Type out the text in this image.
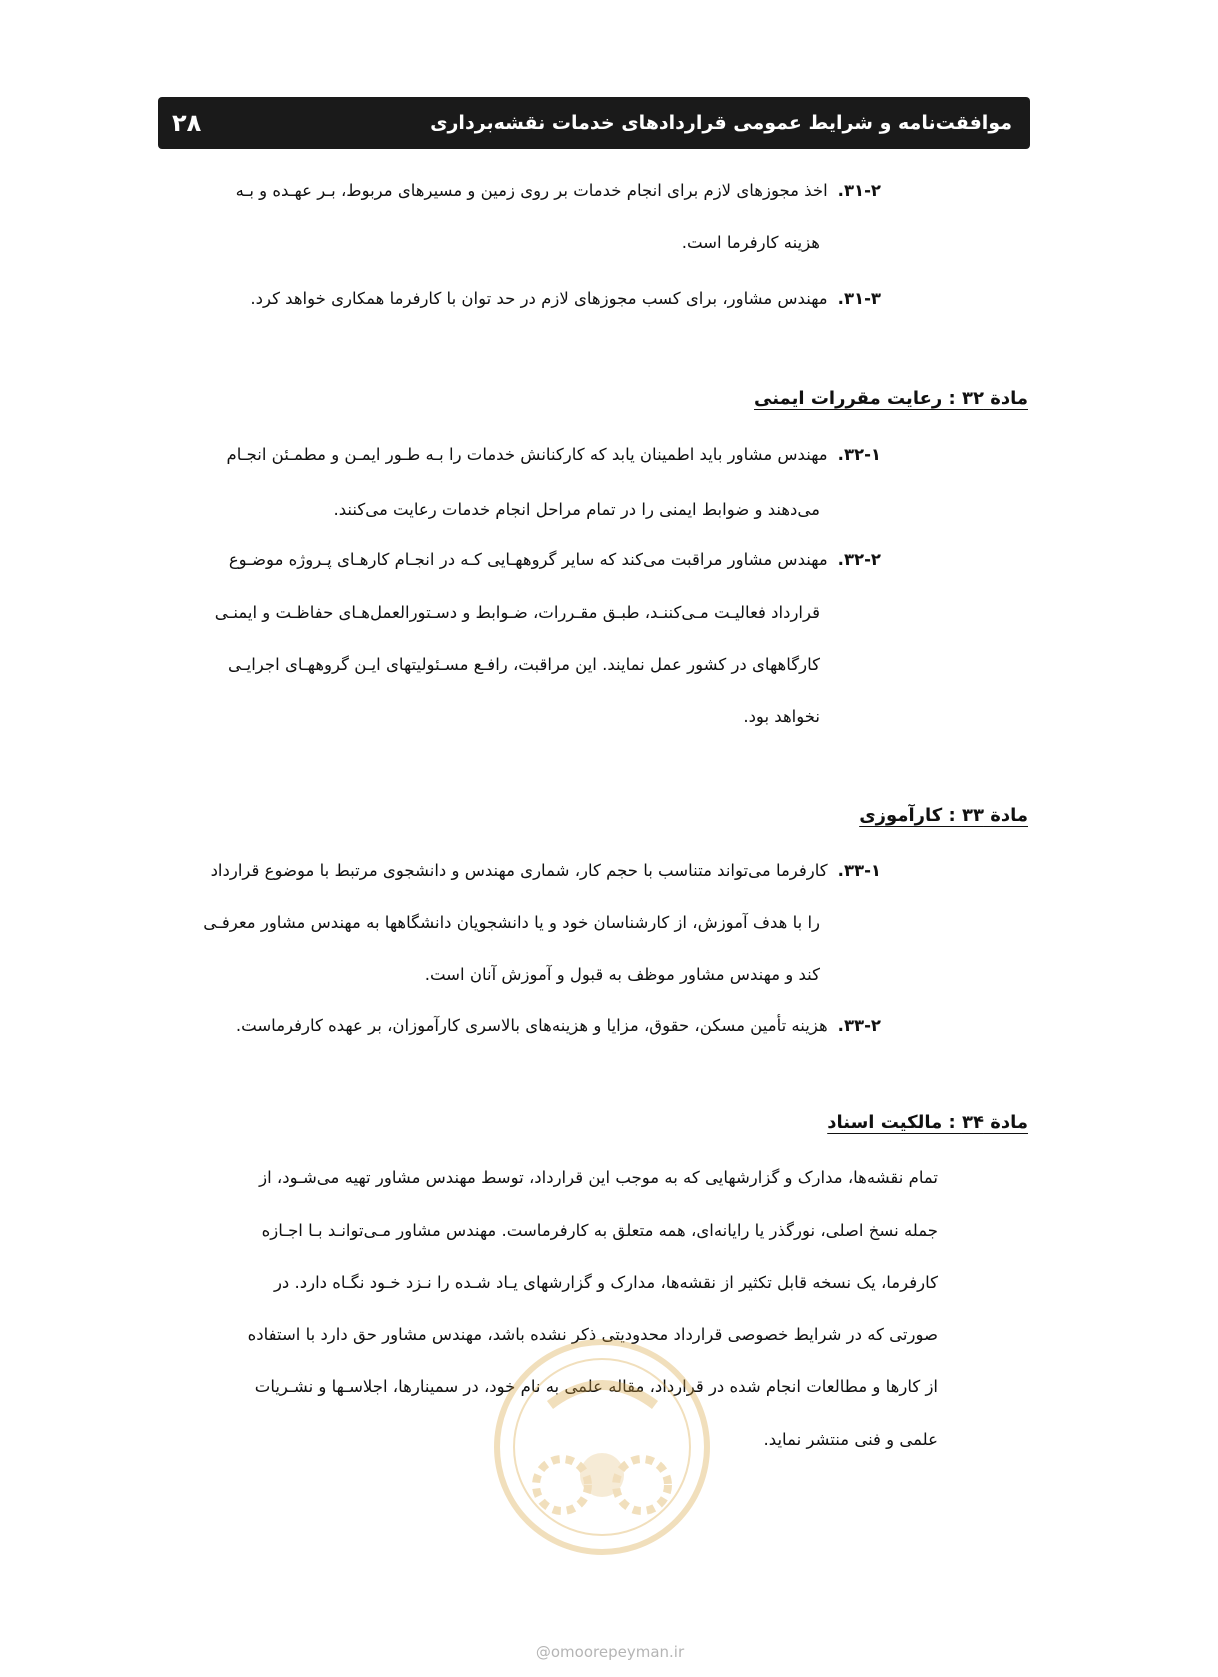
۲۸	موافقت‌نامه و شرایط عمومی قراردادهای خدمات نقشه‌برداری
۳۱-۲.اخذ مجوزهای لازم برای انجام خدمات بر روی زمین و مسیرهای مربوط، بـر عهـده و بـه
هزینه کارفرما است.
۳۱-۳.مهندس مشاور، برای کسب مجوزهای لازم در حد توان با کارفرما همکاری خواهد کرد.
مادة ۳۲ : رعایت مقررات ایمنی
۳۲-۱.مهندس مشاور باید اطمینان یابد که کارکنانش خدمات را بـه طـور ایمـن و مطمـئن انجـام
می‌دهند و ضوابط ایمنی را در تمام مراحل انجام خدمات رعایت می‌کنند.
۳۲-۲.مهندس مشاور مراقبت می‌کند که سایر گروههـایی کـه در انجـام کارهـای پـروژه موضـوع
قرارداد فعالیـت مـی‌کننـد، طبـق مقـررات، ضـوابط و دسـتورالعمل‌هـای حفاظـت و ایمنـی
کارگاههای در کشور عمل نمایند. این مراقبت، رافـع مسـئولیتهای ایـن گروههـای اجرایـی
نخواهد بود.
مادة ۳۳ : کارآموزی
۳۳-۱.کارفرما می‌تواند متناسب با حجم کار، شماری مهندس و دانشجوی مرتبط با موضوع قرارداد
را با هدف آموزش، از کارشناسان خود و یا دانشجویان دانشگاهها به مهندس مشاور معرفـی
کند و مهندس مشاور موظف به قبول و آموزش آنان است.
۳۳-۲.هزینه تأمین مسکن، حقوق، مزایا و هزینه‌های بالاسری کارآموزان، بر عهده کارفرماست.
مادة ۳۴ : مالکیت اسناد
تمام نقشه‌ها، مدارک و گزارشهایی که به موجب این قرارداد، توسط مهندس مشاور تهیه می‌شـود، از
جمله نسخ اصلی، نورگذر یا رایانه‌ای، همه متعلق به کارفرماست. مهندس مشاور مـی‌توانـد بـا اجـازه
کارفرما، یک نسخه قابل تکثیر از نقشه‌ها، مدارک و گزارشهای یـاد شـده را نـزد خـود نگـاه دارد. در
صورتی که در شرایط خصوصی قرارداد محدودیتی ذکر نشده باشد، مهندس مشاور حق دارد با استفاده
از کارها و مطالعات انجام شده در قرارداد، مقاله علمی به نام خود، در سمینارها، اجلاسـها و نشـریات
علمی و فنی منتشر نماید.
@omoorepeyman.ir
